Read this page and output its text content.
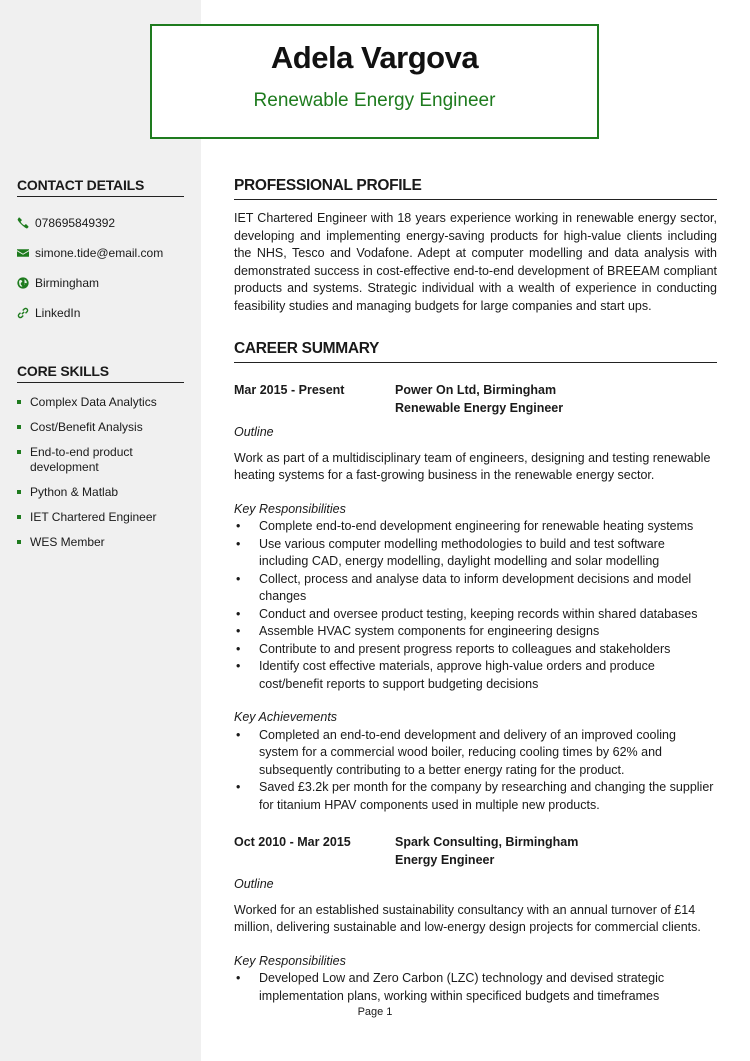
Adela Vargova
Renewable Energy Engineer
CONTACT DETAILS
078695849392
simone.tide@email.com
Birmingham
LinkedIn
CORE SKILLS
Complex Data Analytics
Cost/Benefit Analysis
End-to-end product development
Python & Matlab
IET Chartered Engineer
WES Member
PROFESSIONAL PROFILE

IET Chartered Engineer with 18 years experience working in renewable energy sector, developing and implementing energy-saving products for high-value clients including the NHS, Tesco and Vodafone. Adept at computer modelling and data analysis with demonstrated success in cost-effective end-to-end development of BREEAM compliant products and systems. Strategic individual with a wealth of experience in conducting feasibility studies and managing budgets for large companies and start ups.

CAREER SUMMARY
Mar 2015 - Present	Power On Ltd, Birmingham
Renewable Energy Engineer
Outline

Work as part of a multidisciplinary team of engineers, designing and testing renewable heating systems for a fast-growing business in the renewable energy sector.

Key Responsibilities
• Complete end-to-end development engineering for renewable heating systems
• Use various computer modelling methodologies to build and test software including CAD, energy modelling, daylight modelling and solar modelling
• Collect, process and analyse data to inform development decisions and model changes
• Conduct and oversee product testing, keeping records within shared databases
• Assemble HVAC system components for engineering designs
• Contribute to and present progress reports to colleagues and stakeholders
• Identify cost effective materials, approve high-value orders and produce cost/benefit reports to support budgeting decisions
Key Achievements
• Completed an end-to-end development and delivery of an improved cooling system for a commercial wood boiler, reducing cooling times by 62% and subsequently contributing to a better energy rating for the product.
• Saved £3.2k per month for the company by researching and changing the supplier for titanium HPAV components used in multiple new products.
Oct 2010 - Mar 2015	Spark Consulting, Birmingham
Energy Engineer
Outline

Worked for an established sustainability consultancy with an annual turnover of £14 million, delivering sustainable and low-energy design projects for commercial clients.

Key Responsibilities
• Developed Low and Zero Carbon (LZC) technology and devised strategic implementation plans, working within specificed budgets and timeframes
Page 1
